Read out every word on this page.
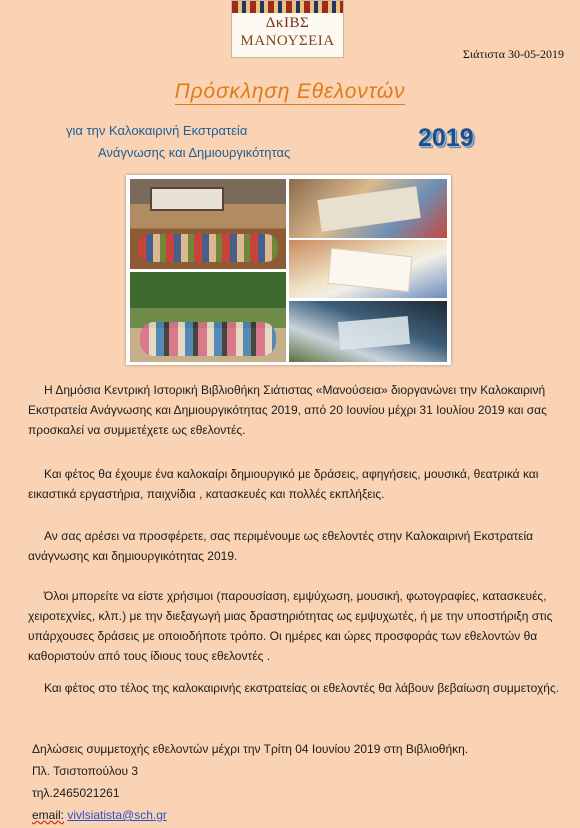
ΔκΙΒΣ
ΜΑΝΟΥΣΕΙΑ
Σιάτιστα 30-05-2019
Πρόσκληση Εθελοντών
για την Καλοκαιρινή Εκστρατεία
Ανάγνωσης και Δημιουργικότητας
2019
Η Δημόσια Κεντρική Ιστορική Βιβλιοθήκη Σιάτιστας «Μανούσεια» διοργανώνει την Καλοκαιρινή Εκστρατεία Ανάγνωσης και Δημιουργικότητας 2019, από 20 Ιουνίου μέχρι 31 Ιουλίου 2019 και σας προσκαλεί να συμμετέχετε ως εθελοντές.
Και φέτος θα έχουμε ένα καλοκαίρι δημιουργικό με δράσεις, αφηγήσεις, μουσικά, θεατρικά και εικαστικά εργαστήρια, παιχνίδια , κατασκευές και πολλές εκπλήξεις.
Αν σας αρέσει να προσφέρετε, σας περιμένουμε ως εθελοντές στην Καλοκαιρινή Εκστρατεία ανάγνωσης και δημιουργικότητας 2019.
Όλοι μπορείτε να είστε χρήσιμοι (παρουσίαση, εμψύχωση, μουσική, φωτογραφίες, κατασκευές, χειροτεχνίες, κλπ.) με την διεξαγωγή μιας δραστηριότητας ως εμψυχωτές, ή με την υποστήριξη στις υπάρχουσες δράσεις με οποιοδήποτε τρόπο. Οι ημέρες και ώρες προσφοράς των εθελοντών θα καθοριστούν από τους ίδιους τους εθελοντές .
Και φέτος στο τέλος της καλοκαιρινής εκστρατείας οι εθελοντές θα λάβουν βεβαίωση συμμετοχής.
Δηλώσεις συμμετοχής εθελοντών μέχρι την Τρίτη 04 Ιουνίου 2019 στη Βιβλιοθήκη.
Πλ. Τσιστοπούλου 3
τηλ.2465021261
email: vivlsiatista@sch.gr
